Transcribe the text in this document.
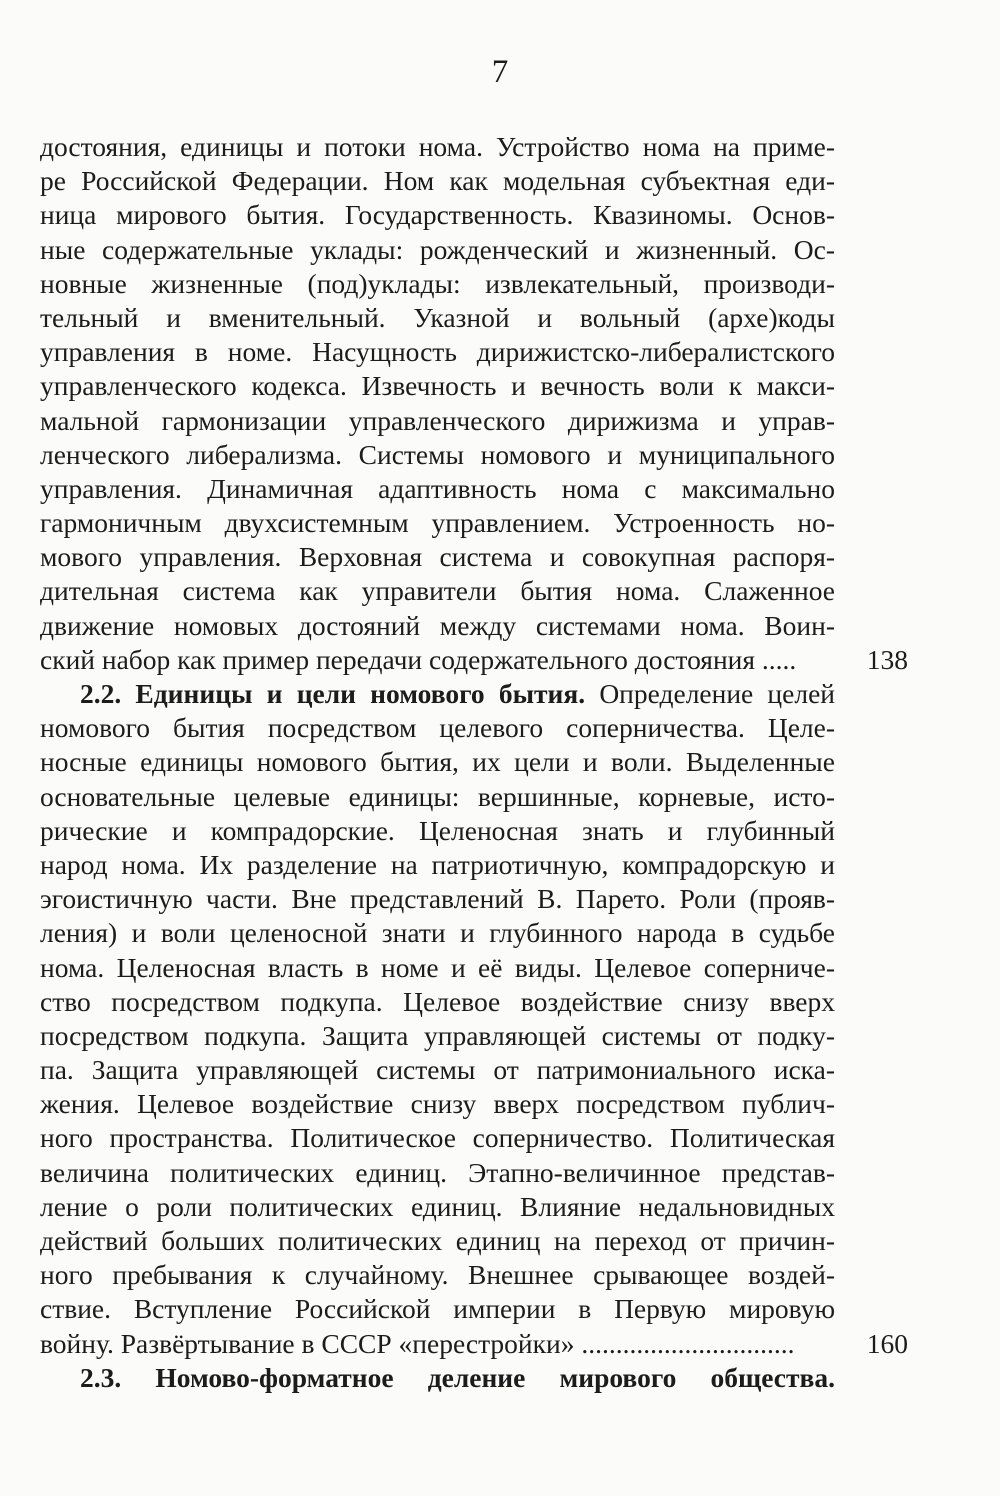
7
достояния, единицы и потоки нома. Устройство нома на приме-
ре Российской Федерации. Ном как модельная субъектная еди-
ница мирового бытия. Государственность. Квазиномы. Основ-
ные содержательные уклады: рожденческий и жизненный. Ос-
новные жизненные (под)уклады: извлекательный, производи-
тельный и вменительный. Указной и вольный (архе)коды
управления в номе. Насущность дирижистско-либералистского
управленческого кодекса. Извечность и вечность воли к макси-
мальной гармонизации управленческого дирижизма и управ-
ленческого либерализма. Системы номового и муниципального
управления. Динамичная адаптивность нома с максимально
гармоничным двухсистемным управлением. Устроенность но-
мового управления. Верховная система и совокупная распоря-
дительная система как управители бытия нома. Слаженное
движение номовых достояний между системами нома. Воин-
ский набор как пример передачи содержательного достояния .....	138
2.2. Единицы и цели номового бытия. Определение целей
номового бытия посредством целевого соперничества. Целе-
носные единицы номового бытия, их цели и воли. Выделенные
основательные целевые единицы: вершинные, корневые, исто-
рические и компрадорские. Целеносная знать и глубинный
народ нома. Их разделение на патриотичную, компрадорскую и
эгоистичную части. Вне представлений В. Парето. Роли (прояв-
ления) и воли целеносной знати и глубинного народа в судьбе
нома. Целеносная власть в номе и её виды. Целевое соперниче-
ство посредством подкупа. Целевое воздействие снизу вверх
посредством подкупа. Защита управляющей системы от подку-
па. Защита управляющей системы от патримониального иска-
жения. Целевое воздействие снизу вверх посредством публич-
ного пространства. Политическое соперничество. Политическая
величина политических единиц. Этапно-величинное представ-
ление о роли политических единиц. Влияние недальновидных
действий больших политических единиц на переход от причин-
ного пребывания к случайному. Внешнее срывающее воздей-
ствие. Вступление Российской империи в Первую мировую
войну. Развёртывание в СССР «перестройки» ...............................	160
2.3. Номово-форматное деление мирового общества.
